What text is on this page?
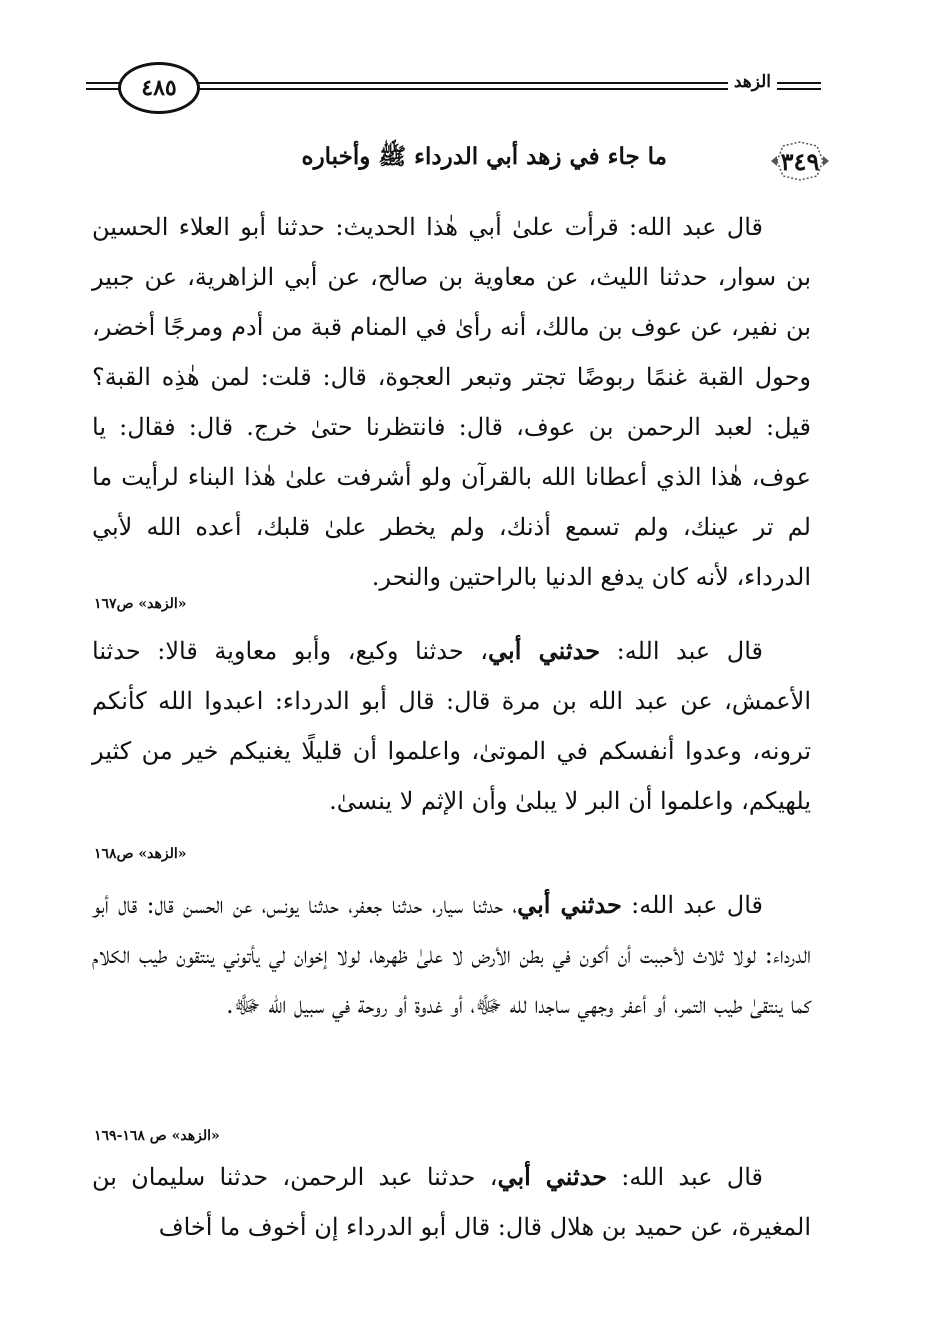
٤٨٥	الزهد
٣٤٩
ما جاء في زهد أبي الدرداء ﷺ وأخباره

قال عبد الله: قرأت علىٰ أبي هٰذا الحديث: حدثنا أبو العلاء الحسين بن سوار، حدثنا الليث، عن معاوية بن صالح، عن أبي الزاهرية، عن جبير بن نفير، عن عوف بن مالك، أنه رأىٰ في المنام قبة من أدم ومرجًا أخضر، وحول القبة غنمًا ربوضًا تجتر وتبعر العجوة، قال: قلت: لمن هٰذِه القبة؟ قيل: لعبد الرحمن بن عوف، قال: فانتظرنا حتىٰ خرج. قال: فقال: يا عوف، هٰذا الذي أعطانا الله بالقرآن ولو أشرفت علىٰ هٰذا البناء لرأيت ما لم تر عينك، ولم تسمع أذنك، ولم يخطر علىٰ قلبك، أعده الله لأبي الدرداء، لأنه كان يدفع الدنيا بالراحتين والنحر.

«الزهد» ص١٦٧

قال عبد الله: حدثني أبي، حدثنا وكيع، وأبو معاوية قالا: حدثنا الأعمش، عن عبد الله بن مرة قال: قال أبو الدرداء: اعبدوا الله كأنكم ترونه، وعدوا أنفسكم في الموتىٰ، واعلموا أن قليلًا يغنيكم خير من كثير يلهيكم، واعلموا أن البر لا يبلىٰ وأن الإثم لا ينسىٰ.

«الزهد» ص١٦٨

قال عبد الله: حدثني أبي، حدثنا سيار، حدثنا جعفر، حدثنا يونس، عن الحسن قال: قال أبو الدرداء: لولا ثلاث لأحببت أن أكون في بطن الأرض لا علىٰ ظهرها، لولا إخوان لي يأتوني ينتقون طيب الكلام كما ينتقىٰ طيب التمر، أو أعفر وجهي ساجدا لله ﷻ، أو غدوة أو روحة في سبيل الله ﷻ.

«الزهد» ص ١٦٨-١٦٩

قال عبد الله: حدثني أبي، حدثنا عبد الرحمن، حدثنا سليمان بن المغيرة، عن حميد بن هلال قال: قال أبو الدرداء إن أخوف ما أخاف
